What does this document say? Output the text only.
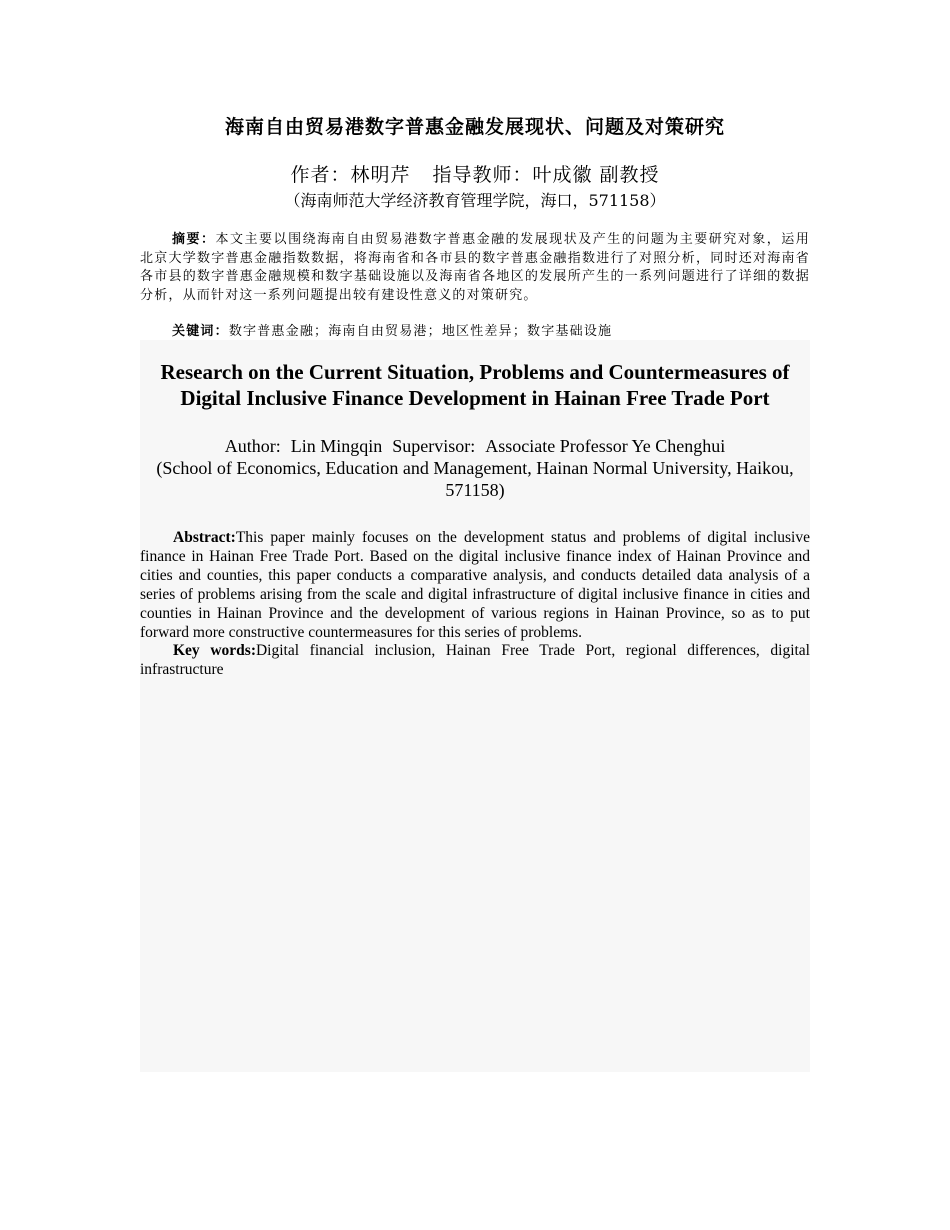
海南自由贸易港数字普惠金融发展现状、问题及对策研究
作者：林明芹 指导教师：叶成徽 副教授
（海南师范大学经济教育管理学院，海口，571158）
摘要：本文主要以围绕海南自由贸易港数字普惠金融的发展现状及产生的问题为主要研究对象，运用北京大学数字普惠金融指数数据，将海南省和各市县的数字普惠金融指数进行了对照分析，同时还对海南省各市县的数字普惠金融规模和数字基础设施以及海南省各地区的发展所产生的一系列问题进行了详细的数据分析，从而针对这一系列问题提出较有建设性意义的对策研究。
关键词：数字普惠金融；海南自由贸易港；地区性差异；数字基础设施
Research on the Current Situation, Problems and Countermeasures of Digital Inclusive Finance Development in Hainan Free Trade Port
Author: Lin Mingqin Supervisor: Associate Professor Ye Chenghui
(School of Economics, Education and Management, Hainan Normal University, Haikou, 571158)
Abstract:This paper mainly focuses on the development status and problems of digital inclusive finance in Hainan Free Trade Port. Based on the digital inclusive finance index of Hainan Province and cities and counties, this paper conducts a comparative analysis, and conducts detailed data analysis of a series of problems arising from the scale and digital infrastructure of digital inclusive finance in cities and counties in Hainan Province and the development of various regions in Hainan Province, so as to put forward more constructive countermeasures for this series of problems.
Key words:Digital financial inclusion, Hainan Free Trade Port, regional differences, digital infrastructure
